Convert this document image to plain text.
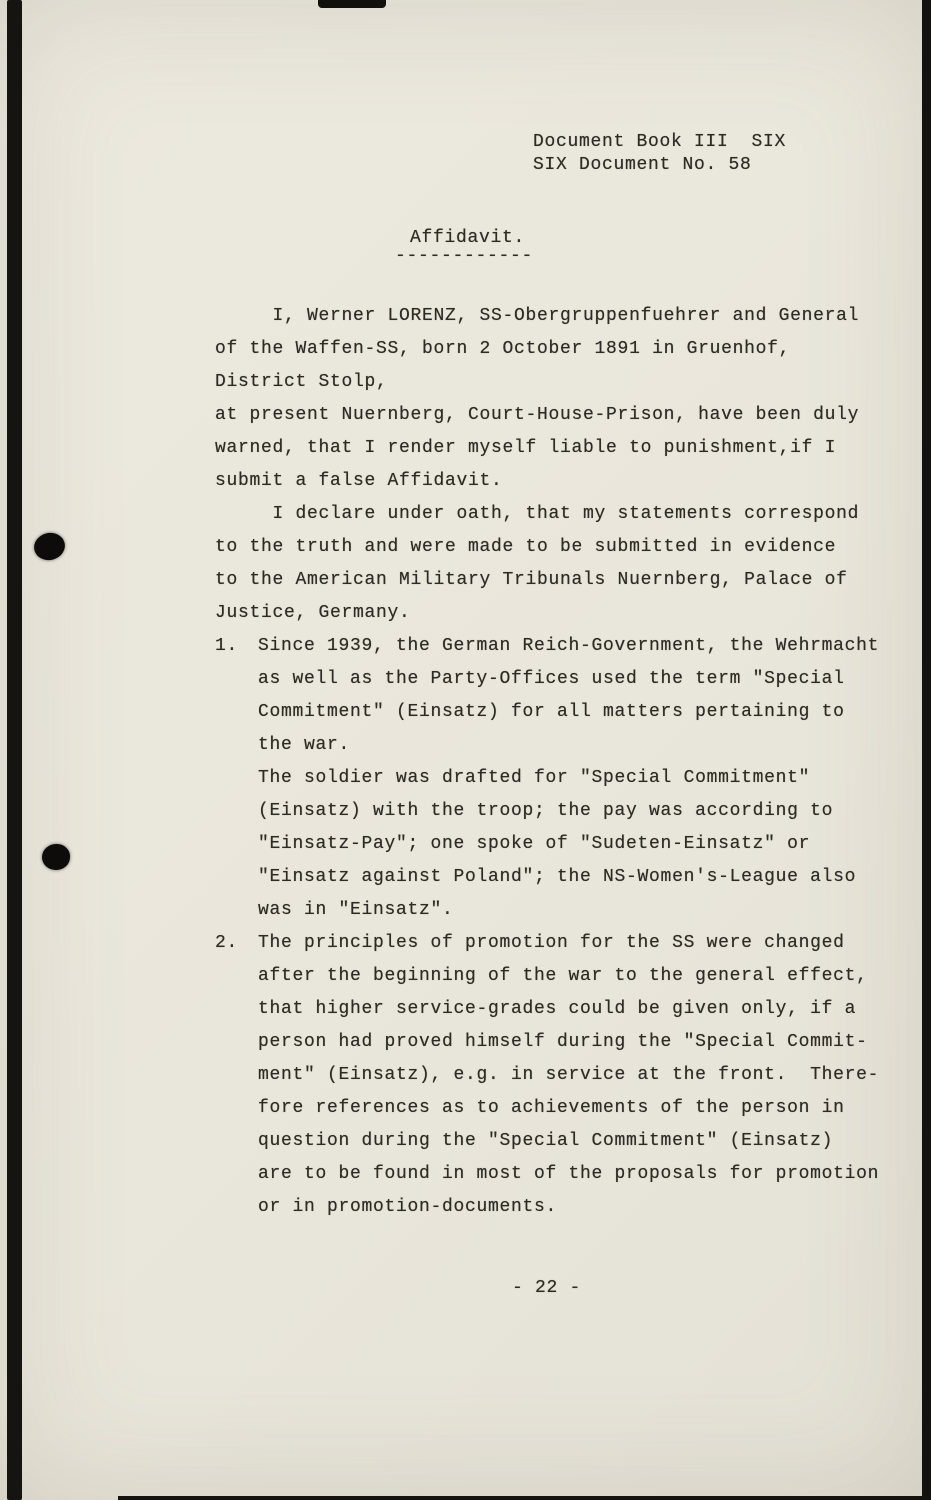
Document Book III  SIX
SIX Document No. 58
Affidavit.
------------
I, Werner LORENZ, SS-Obergruppenfuehrer and General
of the Waffen-SS, born 2 October 1891 in Gruenhof,
District Stolp,
at present Nuernberg, Court-House-Prison, have been duly
warned, that I render myself liable to punishment,if I
submit a false Affidavit.
I declare under oath, that my statements correspond
to the truth and were made to be submitted in evidence
to the American Military Tribunals Nuernberg, Palace of
Justice, Germany.
1.	Since 1939, the German Reich-Government, the Wehrmacht
as well as the Party-Offices used the term "Special
Commitment" (Einsatz) for all matters pertaining to
the war.
The soldier was drafted for "Special Commitment"
(Einsatz) with the troop; the pay was according to
"Einsatz-Pay"; one spoke of "Sudeten-Einsatz" or
"Einsatz against Poland"; the NS-Women's-League also
was in "Einsatz".
2.	The principles of promotion for the SS were changed
after the beginning of the war to the general effect,
that higher service-grades could be given only, if a
person had proved himself during the "Special Commit-
ment" (Einsatz), e.g. in service at the front.  There-
fore references as to achievements of the person in
question during the "Special Commitment" (Einsatz)
are to be found in most of the proposals for promotion
or in promotion-documents.
- 22 -
